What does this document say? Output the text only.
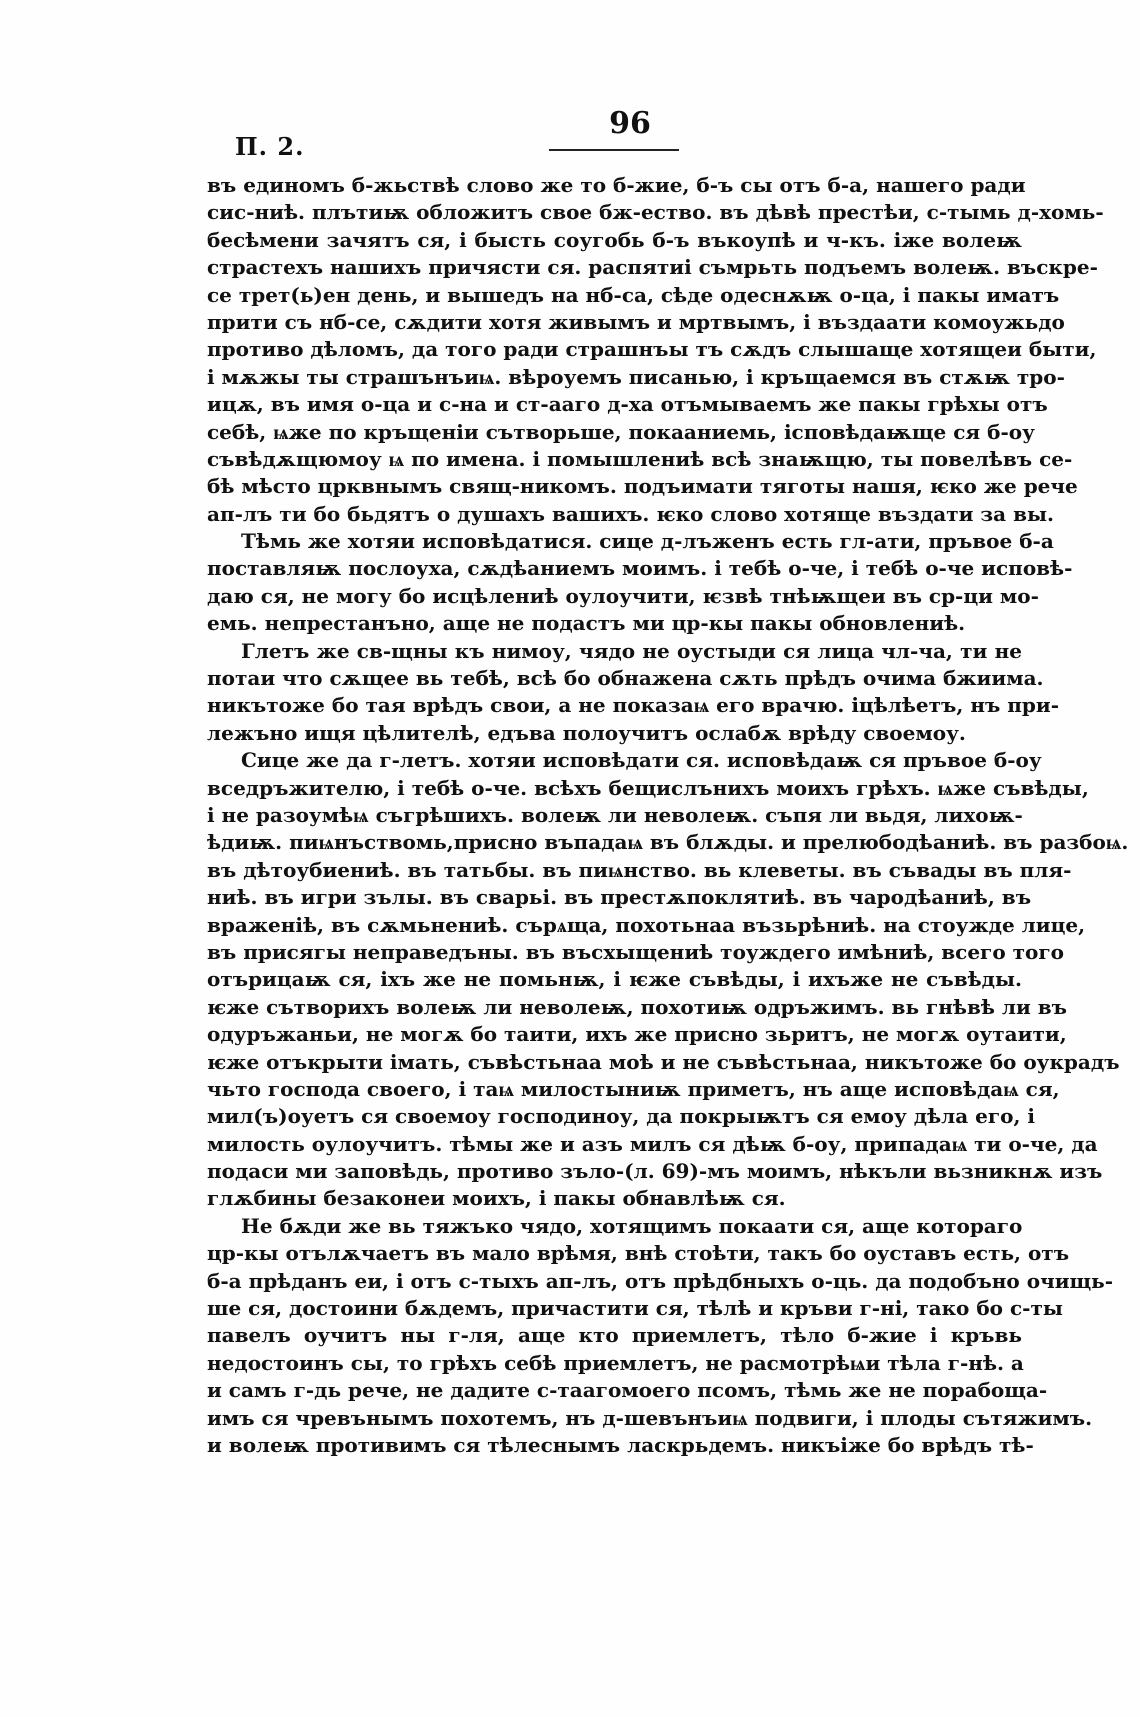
П. 2.
96
въ единомъ б-жьствѣ слово же то б-жие, б-ъ сы отъ б-а, нашего ради
сис-ниѣ. плътиѭ обложитъ свое бж-ество. въ дѣвѣ престѣи, с-тымь д-хомь-
бесѣмени зачятъ ся, і бысть соугобь б-ъ въкоупѣ и ч-къ. іже волеѭ
страстехъ нашихъ причясти ся. распятиі съмрьть подъемъ волеѭ. въскре-
се трет(ь)ен день, и вышедъ на нб-са, сѣде одеснѫѭ о-ца, і пакы иматъ
прити съ нб-се, сѫдити хотя живымъ и мртвымъ, і въздаати комоужьдо
противо дѣломъ, да того ради страшнъы тъ сѫдъ слышаще хотящеи быти,
і мѫжы ты страшънъиѩ. вѣроуемъ писанью, і кръщаемся въ стѫѭ тро-
ицѫ, въ имя о-ца и с-на и ст-ааго д-ха отъмываемъ же пакы грѣхы отъ
себѣ, ѩже по кръщеніи сътворьше, покааниемь, ісповѣдаѭще ся б-оу
съвѣдѫщюмоу ѩ по имена. і помышлениѣ всѣ знаѭщю, ты повелѣвъ се-
бѣ мѣсто црквнымъ свящ-никомъ. подъимати тяготы нашя, ѥко же рече
ап-лъ ти бо бьдятъ о душахъ вашихъ. ѥко слово хотяще въздати за вы.
Тѣмь же хотяи исповѣдатися. сице д-лъженъ есть гл-ати, пръвое б-а
поставляѭ послоуха, сѫдѣаниемъ моимъ. і тебѣ о-че, і тебѣ о-че исповѣ-
даю ся, не могу бо исцѣлениѣ оулоучити, ѥзвѣ тнѣѭщеи въ ср-ци мо-
емь. непрестанъно, аще не подастъ ми цр-кы пакы обновлениѣ.
Глетъ же св-щны къ нимоу, чядо не оустыди ся лица чл-ча, ти не
потаи что сѫщее вь тебѣ, всѣ бо обнажена сѫть прѣдъ очима бжиима.
никътоже бо тая врѣдъ свои, а не показаѩ его врачю. іцѣлѣетъ, нъ при-
лежъно ищя цѣлителѣ, едъва полоучитъ ослабѫ врѣду своемоу.
Сице же да г-летъ. хотяи исповѣдати ся. исповѣдаѭ ся пръвое б-оу
вседръжителю, і тебѣ о-че. всѣхъ бещислънихъ моихъ грѣхъ. ѩже съвѣды,
і не разоумѣѩ съгрѣшихъ. волеѭ ли неволеѭ. съпя ли вьдя, лихоѭ-
ѣдиѭ. пиѩнъствомь,присно въпадаѩ въ блѫды. и прелюбодѣаниѣ. въ разбоѩ.
въ дѣтоубиениѣ. въ татьбы. въ пиѩнство. вь клеветы. въ съвады въ пля-
ниѣ. въ игри зълы. въ сварьі. въ престѫпоклятиѣ. въ чародѣаниѣ, въ
враженіѣ, въ сѫмьнениѣ. сърѧща, похотьнаа възьрѣниѣ. на стоужде лице,
въ присягы неправедъны. въ въсхыщениѣ тоуждего имѣниѣ, всего того
отърицаѭ ся, іхъ же не помьнѭ, і ѥже съвѣды, і ихъже не съвѣды.
ѥже сътворихъ волеѭ ли неволеѭ, похотиѭ одръжимъ. вь гнѣвѣ ли въ
одуръжаньи, не могѫ бо таити, ихъ же присно зьритъ, не могѫ оутаити,
ѥже отъкрыти імать, съвѣстьнаа моѣ и не съвѣстьнаа, никътоже бо оукрадъ
чьто господа своего, і таѩ милостыниѭ приметъ, нъ аще исповѣдаѩ ся,
мил(ъ)оуетъ ся своемоу господиноу, да покрыѭтъ ся емоу дѣла его, і
милость оулоучитъ. тѣмы же и азъ милъ ся дѣѭ б-оу, припадаѩ ти о-че, да
подаси ми заповѣдь, противо зъло-(л. 69)-мъ моимъ, нѣкъли вьзникнѫ изъ
глѫбины безаконеи моихъ, і пакы обнавлѣѭ ся.
Не бѫди же вь тяжъко чядо, хотящимъ покаати ся, аще котораго
цр-кы отълѫчаетъ въ мало врѣмя, внѣ стоѣти, такъ бо оуставъ есть, отъ
б-а прѣданъ еи, і отъ с-тыхъ ап-лъ, отъ прѣдбныхъ о-ць. да подобъно очищь-
ше ся, достоини бѫдемъ, причастити ся, тѣлѣ и кръви г-ні, тако бо с-ты
павелъ оучитъ ны г-ля, аще кто приемлетъ, тѣло б-жие і кръвь
недостоинъ сы, то грѣхъ себѣ приемлетъ, не расмотрѣѩи тѣла г-нѣ. а
и самъ г-дь рече, не дадите с-таагомоего псомъ, тѣмь же не порабоща-
имъ ся чревънымъ похотемъ, нъ д-шевънъиѩ подвиги, і плоды сътяжимъ.
и волеѭ противимъ ся тѣлеснымъ ласкрьдемъ. никъіже бо врѣдъ тѣ-
